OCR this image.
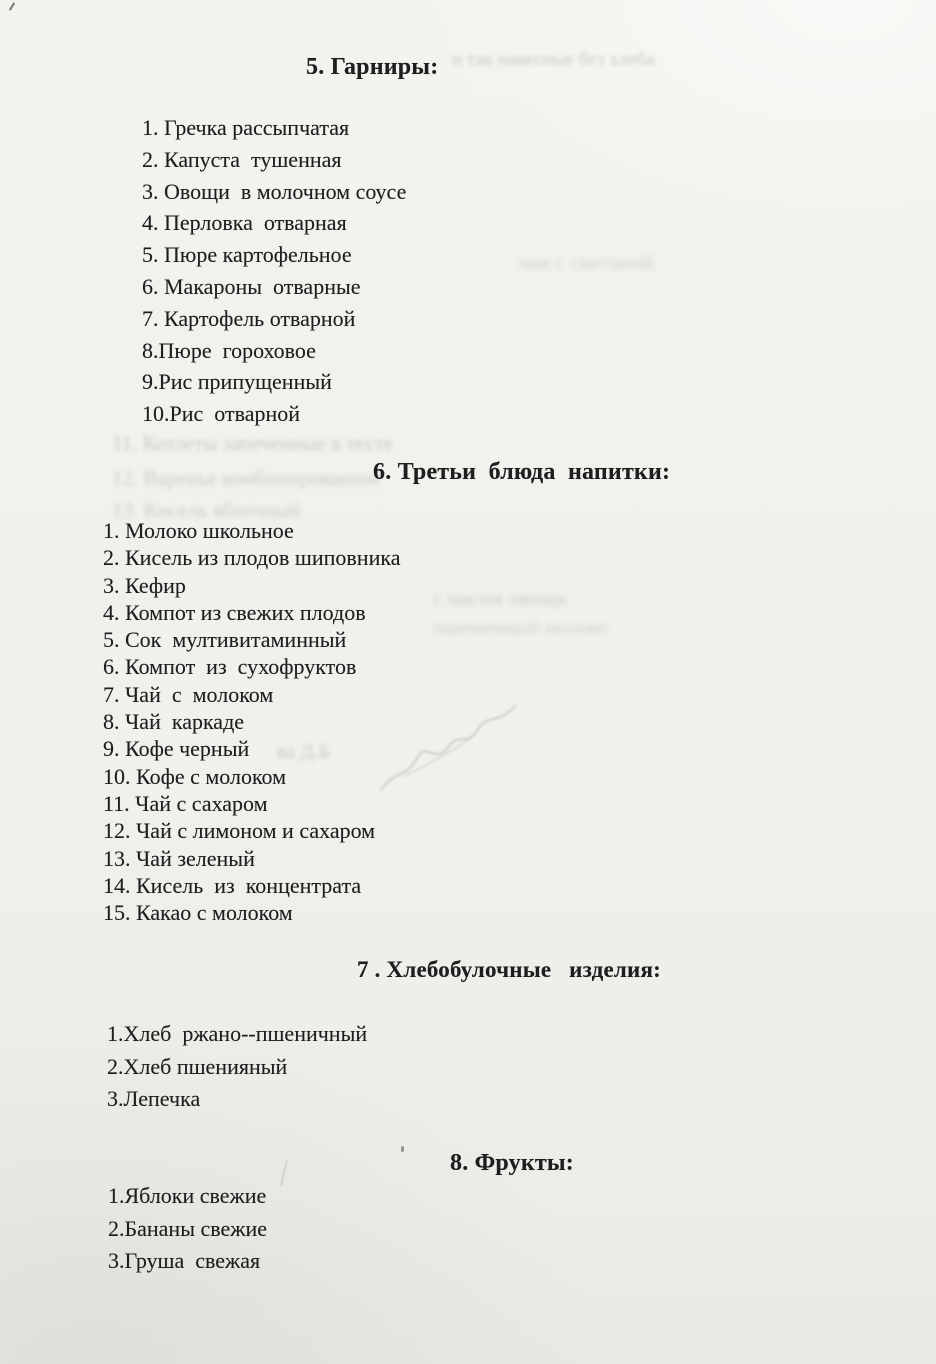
и так навесные без хлеба

5. Гарниры:
1. Гречка рассыпчатая
2. Капуста  тушенная
3. Овощи  в молочном соусе
4. Перловка  отварная
5. Пюре картофельное
6. Макароны  отварные
7. Картофель отварной
8.Пюре  гороховое
9.Рис припущенный
10.Рис  отварной

ная с сметаной

11. Котлеты запеченные в тесте

12. Варенье комбинированное

13. Кисель яблочный

6. Третьи  блюда  напитки:
1. Молоко школьное
2. Кисель из плодов шиповника
3. Кефир
4. Компот из свежих плодов
5. Сок  мултивитаминный
6. Компот  из  сухофруктов
7. Чай  с  молоком
8. Чай  каркаде
9. Кофе черный
10. Кофе с молоком
11. Чай с сахаром
12. Чай с лимоном и сахаром
13. Чай зеленый
14. Кисель  из  концентрата
15. Какао с молоком

с мясом овощи

пшеничный молоко

ва Д.Б

7 . Хлебобулочные   изделия:
1.Хлеб  ржано--пшеничный
2.Хлеб пшенияный
3.Лепечка
8. Фрукты:
1.Яблоки свежие
2.Бананы свежие
3.Груша  свежая
